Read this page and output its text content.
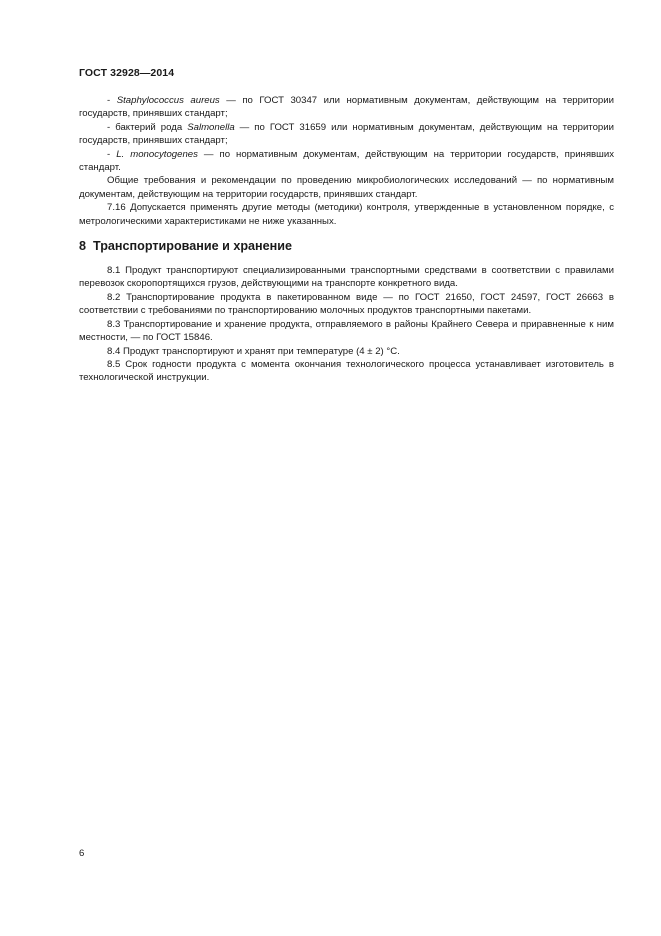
ГОСТ 32928—2014

- Staphylococcus aureus — по ГОСТ 30347 или нормативным документам, действующим на территории государств, принявших стандарт;

- бактерий рода Salmonella — по ГОСТ 31659 или нормативным документам, действующим на территории государств, принявших стандарт;

- L. monocytogenes — по нормативным документам, действующим на территории государств, принявших стандарт.

Общие требования и рекомендации по проведению микробиологических исследований — по нормативным документам, действующим на территории государств, принявших стандарт.

7.16 Допускается применять другие методы (методики) контроля, утвержденные в установленном порядке, с метрологическими характеристиками не ниже указанных.

8 Транспортирование и хранение

8.1 Продукт транспортируют специализированными транспортными средствами в соответствии с правилами перевозок скоропортящихся грузов, действующими на транспорте конкретного вида.

8.2 Транспортирование продукта в пакетированном виде — по ГОСТ 21650, ГОСТ 24597, ГОСТ 26663 в соответствии с требованиями по транспортированию молочных продуктов транспортными пакетами.

8.3 Транспортирование и хранение продукта, отправляемого в районы Крайнего Севера и приравненные к ним местности, — по ГОСТ 15846.

8.4 Продукт транспортируют и хранят при температуре (4 ± 2) °С.

8.5 Срок годности продукта с момента окончания технологического процесса устанавливает изготовитель в технологической инструкции.

6
